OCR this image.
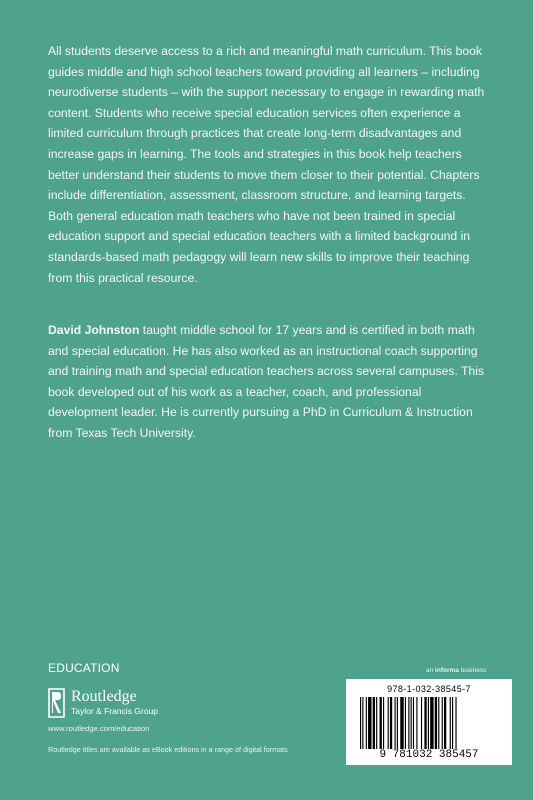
All students deserve access to a rich and meaningful math curriculum. This book guides middle and high school teachers toward providing all learners – including neurodiverse students – with the support necessary to engage in rewarding math content. Students who receive special education services often experience a limited curriculum through practices that create long-term disadvantages and increase gaps in learning. The tools and strategies in this book help teachers better understand their students to move them closer to their potential. Chapters include differentiation, assessment, classroom structure, and learning targets. Both general education math teachers who have not been trained in special education support and special education teachers with a limited background in standards-based math pedagogy will learn new skills to improve their teaching from this practical resource.

David Johnston taught middle school for 17 years and is certified in both math and special education. He has also worked as an instructional coach supporting and training math and special education teachers across several campuses. This book developed out of his work as a teacher, coach, and professional development leader. He is currently pursuing a PhD in Curriculum & Instruction from Texas Tech University.

EDUCATION
Routledge
Taylor & Francis Group
www.routledge.com/education
Routledge titles are available as eBook editions in a range of digital formats
an informa business
978-1-032-38545-7
9 781032 385457
